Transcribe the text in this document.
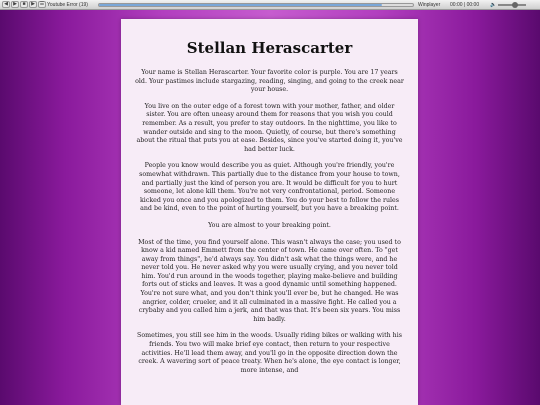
◀	▶	■	▶ ☰ Youtube Error (19)	Winplayer 00:00 | 00:00 🔈
Stellan Herascarter

Your name is Stellan Herascarter. Your favorite color is purple. You are 17 years old. Your pastimes include stargazing, reading, singing, and going to the creek near your house.

You live on the outer edge of a forest town with your mother, father, and older sister. You are often uneasy around them for reasons that you wish you could remember. As a result, you prefer to stay outdoors. In the nighttime, you like to wander outside and sing to the moon. Quietly, of course, but there's something about the ritual that puts you at ease. Besides, since you've started doing it, you've had better luck.

People you know would describe you as quiet. Although you're friendly, you're somewhat withdrawn. This partially due to the distance from your house to town, and partially just the kind of person you are. It would be difficult for you to hurt someone, let alone kill them. You're not very confrontational, period. Someone kicked you once and you apologized to them. You do your best to follow the rules and be kind, even to the point of hurting yourself, but you have a breaking point.

You are almost to your breaking point.

Most of the time, you find yourself alone. This wasn't always the case; you used to know a kid named Emmett from the center of town. He came over often. To "get away from things", he'd always say. You didn't ask what the things were, and he never told you. He never asked why you were usually crying, and you never told him. You'd run around in the woods together, playing make-believe and building forts out of sticks and leaves. It was a good dynamic until something happened. You're not sure what, and you don't think you'll ever be, but he changed. He was angrier, colder, crueler, and it all culminated in a massive fight. He called you a crybaby and you called him a jerk, and that was that. It's been six years. You miss him badly.

Sometimes, you still see him in the woods. Usually riding bikes or walking with his friends. You two will make brief eye contact, then return to your respective activities. He'll lead them away, and you'll go in the opposite direction down the creek. A wavering sort of peace treaty. When he's alone, the eye contact is longer, more intense, and
